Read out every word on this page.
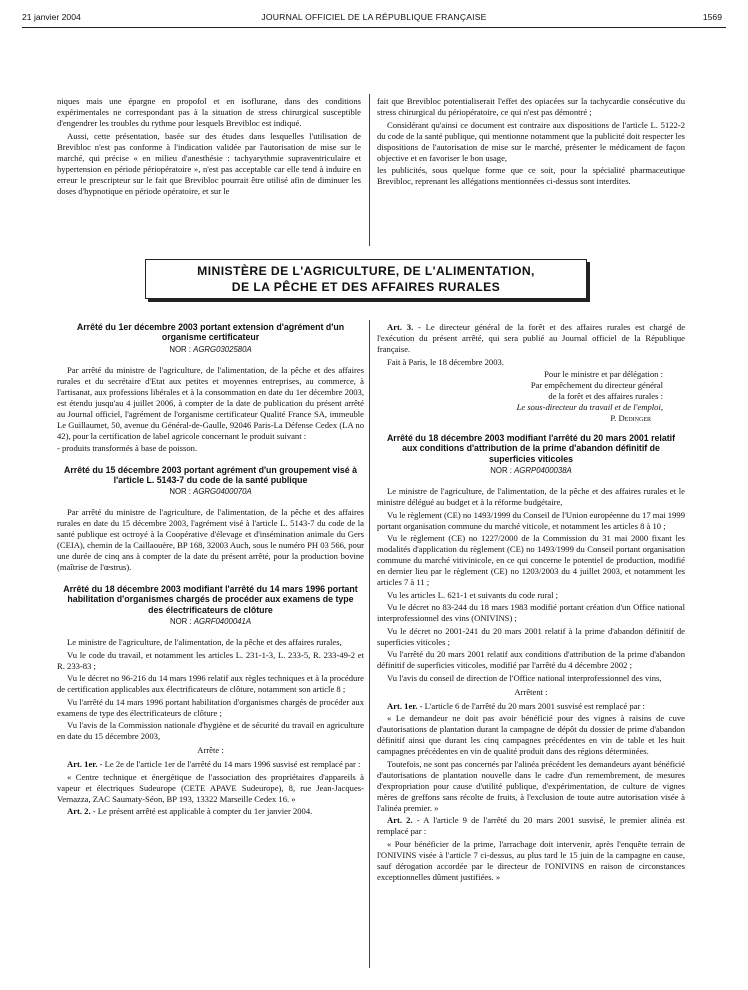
21 janvier 2004	JOURNAL OFFICIEL DE LA RÉPUBLIQUE FRANÇAISE	1569

niques mais une épargne en propofol et en isoflurane, dans des conditions expérimentales ne correspondant pas à la situation de stress chirurgical susceptible d'engendrer les troubles du rythme pour lesquels Brevibloc est indiqué.

Aussi, cette présentation, basée sur des études dans lesquelles l'utilisation de Brevibloc n'est pas conforme à l'indication validée par l'autorisation de mise sur le marché, qui précise « en milieu d'anesthésie : tachyarythmie supraventriculaire et hypertension en période périopératoire », n'est pas acceptable car elle tend à induire en erreur le prescripteur sur le fait que Brevibloc pourrait être utilisé afin de diminuer les doses d'hypnotique en période opératoire, et sur le

fait que Brevibloc potentialiserait l'effet des opiacées sur la tachycardie consécutive du stress chirurgical du périopératoire, ce qui n'est pas démontré ;

Considérant qu'ainsi ce document est contraire aux dispositions de l'article L. 5122-2 du code de la santé publique, qui mentionne notamment que la publicité doit respecter les dispositions de l'autorisation de mise sur le marché, présenter le médicament de façon objective et en favoriser le bon usage,

les publicités, sous quelque forme que ce soit, pour la spécialité pharmaceutique Brevibloc, reprenant les allégations mentionnées ci-dessus sont interdites.

MINISTÈRE DE L'AGRICULTURE, DE L'ALIMENTATION,
DE LA PÊCHE ET DES AFFAIRES RURALES
Arrêté du 1er décembre 2003 portant extension d'agrément d'un organisme certificateur
NOR : AGRG0302580A

Par arrêté du ministre de l'agriculture, de l'alimentation, de la pêche et des affaires rurales et du secrétaire d'Etat aux petites et moyennes entreprises, au commerce, à l'artisanat, aux professions libérales et à la consommation en date du 1er décembre 2003, est étendu jusqu'au 4 juillet 2006, à compter de la date de publication du présent arrêté au Journal officiel, l'agrément de l'organisme certificateur Qualité France SA, immeuble Le Guillaumet, 50, avenue du Général-de-Gaulle, 92046 Paris-La Défense Cedex (LA no 42), pour la certification de label agricole concernant le produit suivant :

- produits transformés à base de poisson.

Arrêté du 15 décembre 2003 portant agrément d'un groupement visé à l'article L. 5143-7 du code de la santé publique
NOR : AGRG0400070A

Par arrêté du ministre de l'agriculture, de l'alimentation, de la pêche et des affaires rurales en date du 15 décembre 2003, l'agrément visé à l'article L. 5143-7 du code de la santé publique est octroyé à la Coopérative d'élevage et d'insémination animale du Gers (CEIA), chemin de la Caillaouère, BP 168, 32003 Auch, sous le numéro PH 03 566, pour une durée de cinq ans à compter de la date du présent arrêté, pour la production bovine (maîtrise de l'œstrus).

Arrêté du 18 décembre 2003 modifiant l'arrêté du 14 mars 1996 portant habilitation d'organismes chargés de procéder aux examens de type des électrificateurs de clôture
NOR : AGRF0400041A

Le ministre de l'agriculture, de l'alimentation, de la pêche et des affaires rurales,

Vu le code du travail, et notamment les articles L. 231-1-3, L. 233-5, R. 233-49-2 et R. 233-83 ;

Vu le décret no 96-216 du 14 mars 1996 relatif aux règles techniques et à la procédure de certification applicables aux électrificateurs de clôture, notamment son article 8 ;

Vu l'arrêté du 14 mars 1996 portant habilitation d'organismes chargés de procéder aux examens de type des électrificateurs de clôture ;

Vu l'avis de la Commission nationale d'hygiène et de sécurité du travail en agriculture en date du 15 décembre 2003,

Arrête :

Art. 1er. - Le 2e de l'article 1er de l'arrêté du 14 mars 1996 susvisé est remplacé par :

« Centre technique et énergétique de l'association des propriétaires d'appareils à vapeur et électriques Sudeurope (CETE APAVE Sudeurope), 8, rue Jean-Jacques-Vernazza, ZAC Saumaty-Séon, BP 193, 13322 Marseille Cedex 16. »

Art. 2. - Le présent arrêté est applicable à compter du 1er janvier 2004.

Art. 3. - Le directeur général de la forêt et des affaires rurales est chargé de l'exécution du présent arrêté, qui sera publié au Journal officiel de la République française.

Fait à Paris, le 18 décembre 2003.

Pour le ministre et par délégation :
Par empêchement du directeur général
de la forêt et des affaires rurales :
Le sous-directeur du travail et de l'emploi,
P. Dedinger
Arrêté du 18 décembre 2003 modifiant l'arrêté du 20 mars 2001 relatif aux conditions d'attribution de la prime d'abandon définitif de superficies viticoles
NOR : AGRP0400038A

Le ministre de l'agriculture, de l'alimentation, de la pêche et des affaires rurales et le ministre délégué au budget et à la réforme budgétaire,

Vu le règlement (CE) no 1493/1999 du Conseil de l'Union européenne du 17 mai 1999 portant organisation commune du marché viticole, et notamment les articles 8 à 10 ;

Vu le règlement (CE) no 1227/2000 de la Commission du 31 mai 2000 fixant les modalités d'application du règlement (CE) no 1493/1999 du Conseil portant organisation commune du marché vitivinicole, en ce qui concerne le potentiel de production, modifié en dernier lieu par le règlement (CE) no 1203/2003 du 4 juillet 2003, et notamment les articles 7 à 11 ;

Vu les articles L. 621-1 et suivants du code rural ;

Vu le décret no 83-244 du 18 mars 1983 modifié portant création d'un Office national interprofessionnel des vins (ONIVINS) ;

Vu le décret no 2001-241 du 20 mars 2001 relatif à la prime d'abandon définitif de superficies viticoles ;

Vu l'arrêté du 20 mars 2001 relatif aux conditions d'attribution de la prime d'abandon définitif de superficies viticoles, modifié par l'arrêté du 4 décembre 2002 ;

Vu l'avis du conseil de direction de l'Office national interprofessionnel des vins,

Arrêtent :

Art. 1er. - L'article 6 de l'arrêté du 20 mars 2001 susvisé est remplacé par :

« Le demandeur ne doit pas avoir bénéficié pour des vignes à raisins de cuve d'autorisations de plantation durant la campagne de dépôt du dossier de prime d'abandon définitif ainsi que durant les cinq campagnes précédentes en vin de table et les huit campagnes précédentes en vin de qualité produit dans des régions déterminées.

Toutefois, ne sont pas concernés par l'alinéa précédent les demandeurs ayant bénéficié d'autorisations de plantation nouvelle dans le cadre d'un remembrement, de mesures d'expropriation pour cause d'utilité publique, d'expérimentation, de culture de vignes mères de greffons sans récolte de fruits, à l'exclusion de toute autre autorisation visée à l'alinéa premier. »

Art. 2. - A l'article 9 de l'arrêté du 20 mars 2001 susvisé, le premier alinéa est remplacé par :

« Pour bénéficier de la prime, l'arrachage doit intervenir, après l'enquête terrain de l'ONIVINS visée à l'article 7 ci-dessus, au plus tard le 15 juin de la campagne en cause, sauf dérogation accordée par le directeur de l'ONIVINS en raison de circonstances exceptionnelles dûment justifiées. »
